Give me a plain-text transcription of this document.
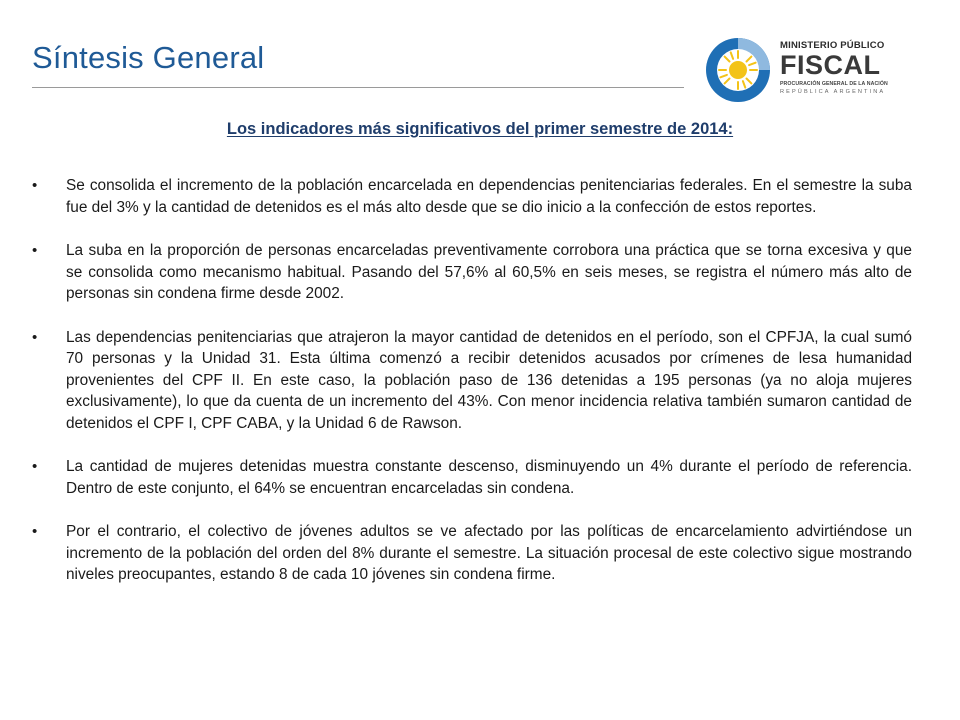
Síntesis General	MINISTERIO PÚBLICO
FISCAL
PROCURACIÓN GENERAL DE LA NACIÓN
REPÚBLICA ARGENTINA
Los indicadores más significativos del primer semestre de 2014:
•	Se consolida el incremento de la población encarcelada en dependencias penitenciarias federales. En el semestre la suba fue del 3% y la cantidad de detenidos es el más alto desde que se dio inicio a la confección de estos reportes.
•	La suba en la proporción de personas encarceladas preventivamente corrobora una práctica que se torna excesiva y que se consolida como mecanismo habitual. Pasando del 57,6% al 60,5% en seis meses, se registra el número más alto de personas sin condena firme desde 2002.
•	Las dependencias penitenciarias que atrajeron la mayor cantidad de detenidos en el período, son el CPFJA, la cual sumó 70 personas y la Unidad 31. Esta última comenzó a recibir detenidos acusados por crímenes de lesa humanidad provenientes del CPF II. En este caso, la población paso de 136 detenidas a 195 personas (ya no aloja mujeres exclusivamente), lo que da cuenta de un incremento del 43%. Con menor incidencia relativa también sumaron cantidad de detenidos el CPF I, CPF CABA, y la Unidad 6 de Rawson.
•	La cantidad de mujeres detenidas muestra constante descenso, disminuyendo un 4% durante el período de referencia. Dentro de este conjunto, el 64% se encuentran encarceladas sin condena.
•	Por el contrario, el colectivo de jóvenes adultos se ve afectado por las políticas de encarcelamiento advirtiéndose un incremento de la población del orden del 8% durante el semestre. La situación procesal de este colectivo sigue mostrando niveles preocupantes, estando 8 de cada 10 jóvenes sin condena firme.
